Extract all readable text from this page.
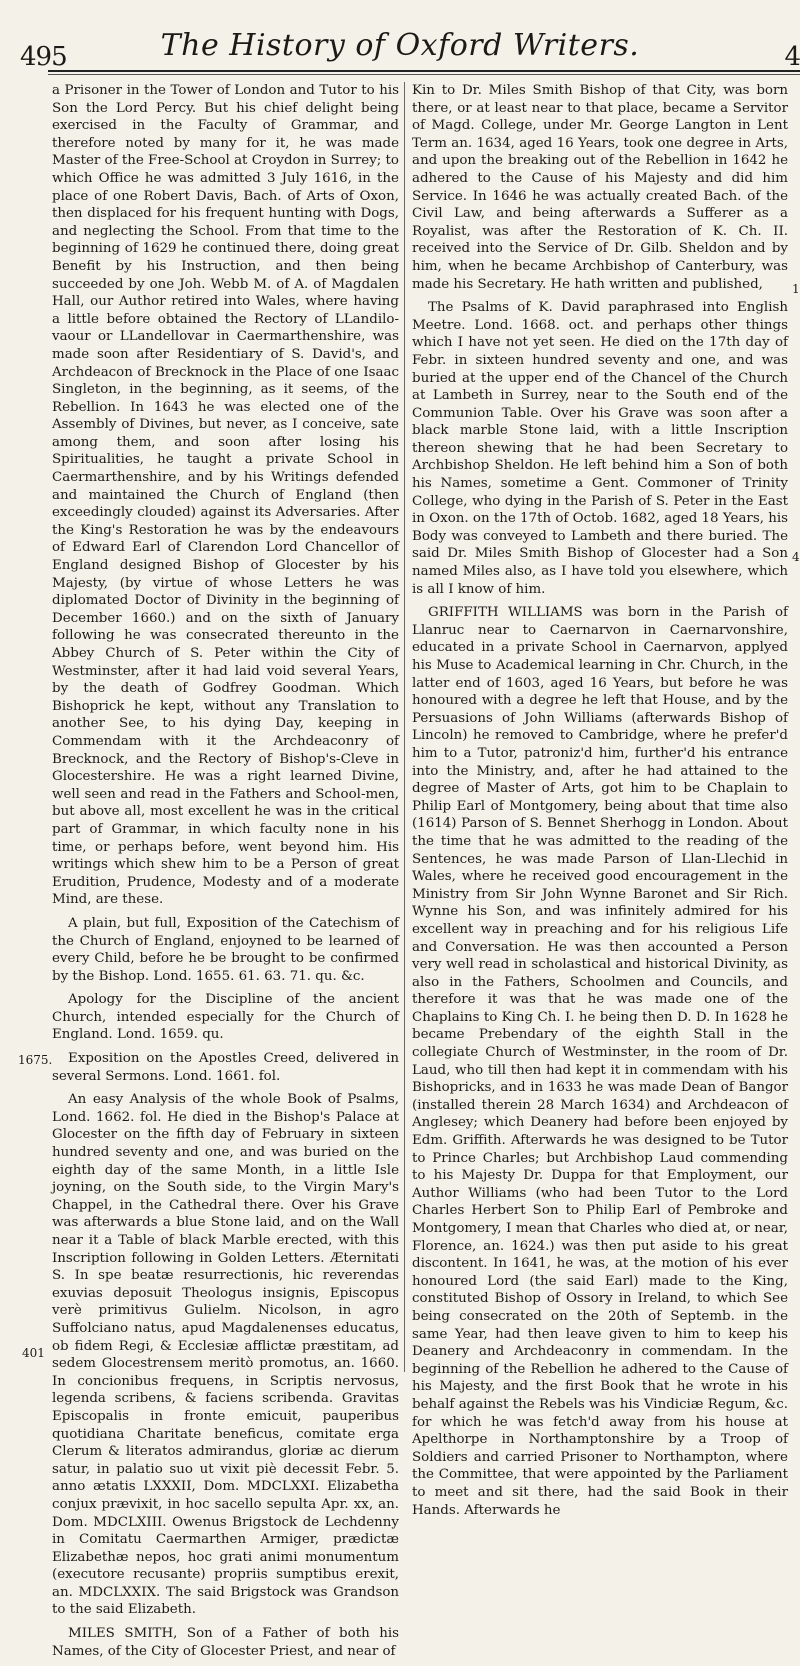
495	The History of Oxford Writers.	4

a Prisoner in the Tower of London and Tutor to his Son the Lord Percy. But his chief delight being exercised in the Faculty of Grammar, and therefore noted by many for it, he was made Master of the Free-School at Croydon in Surrey; to which Office he was admitted 3 July 1616, in the place of one Robert Davis, Bach. of Arts of Oxon, then displaced for his frequent hunting with Dogs, and neglecting the School. From that time to the beginning of 1629 he continued there, doing great Benefit by his Instruction, and then being succeeded by one Joh. Webb M. of A. of Magdalen Hall, our Author retired into Wales, where having a little before obtained the Rectory of LLandilo-vaour or LLandellovar in Caermarthenshire, was made soon after Residentiary of S. David's, and Archdeacon of Brecknock in the Place of one Isaac Singleton, in the beginning, as it seems, of the Rebellion. In 1643 he was elected one of the Assembly of Divines, but never, as I conceive, sate among them, and soon after losing his Spiritualities, he taught a private School in Caermarthenshire, and by his Writings defended and maintained the Church of England (then exceedingly clouded) against its Adversaries. After the King's Restoration he was by the endeavours of Edward Earl of Clarendon Lord Chancellor of England designed Bishop of Glocester by his Majesty, (by virtue of whose Letters he was diplomated Doctor of Divinity in the beginning of December 1660.) and on the sixth of January following he was consecrated thereunto in the Abbey Church of S. Peter within the City of Westminster, after it had laid void several Years, by the death of Godfrey Goodman. Which Bishoprick he kept, without any Translation to another See, to his dying Day, keeping in Commendam with it the Archdeaconry of Brecknock, and the Rectory of Bishop's-Cleve in Glocestershire. He was a right learned Divine, well seen and read in the Fathers and School-men, but above all, most excellent he was in the critical part of Grammar, in which faculty none in his time, or perhaps before, went beyond him. His writings which shew him to be a Person of great Erudition, Prudence, Modesty and of a moderate Mind, are these.

A plain, but full, Exposition of the Catechism of the Church of England, enjoyned to be learned of every Child, before he be brought to be confirmed by the Bishop. Lond. 1655. 61. 63. 71. qu. &c.

Apology for the Discipline of the ancient Church, intended especially for the Church of England. Lond. 1659. qu.

Exposition on the Apostles Creed, delivered in several Sermons. Lond. 1661. fol.

An easy Analysis of the whole Book of Psalms, Lond. 1662. fol. He died in the Bishop's Palace at Glocester on the fifth day of February in sixteen hundred seventy and one, and was buried on the eighth day of the same Month, in a little Isle joyning, on the South side, to the Virgin Mary's Chappel, in the Cathedral there. Over his Grave was afterwards a blue Stone laid, and on the Wall near it a Table of black Marble erected, with this Inscription following in Golden Letters. Æternitati S. In spe beatæ resurrectionis, hic reverendas exuvias deposuit Theologus insignis, Episcopus verè primitivus Gulielm. Nicolson, in agro Suffolciano natus, apud Magdalenenses educatus, ob fidem Regi, & Ecclesiæ afflictæ præstitam, ad sedem Glocestrensem meritò promotus, an. 1660. In concionibus frequens, in Scriptis nervosus, legenda scribens, & faciens scribenda. Gravitas Episcopalis in fronte emicuit, pauperibus quotidiana Charitate beneficus, comitate erga Clerum & literatos admirandus, gloriæ ac dierum satur, in palatio suo ut vixit piè decessit Febr. 5. anno ætatis LXXXII, Dom. MDCLXXI. Elizabetha conjux prævixit, in hoc sacello sepulta Apr. xx, an. Dom. MDCLXIII. Owenus Brigstock de Lechdenny in Comitatu Caermarthen Armiger, prædictæ Elizabethæ nepos, hoc grati animi monumentum (executore recusante) propriis sumptibus erexit, an. MDCLXXIX. The said Brigstock was Grandson to the said Elizabeth.

MILES SMITH, Son of a Father of both his Names, of the City of Glocester Priest, and near of

Kin to Dr. Miles Smith Bishop of that City, was born there, or at least near to that place, became a Servitor of Magd. College, under Mr. George Langton in Lent Term an. 1634, aged 16 Years, took one degree in Arts, and upon the breaking out of the Rebellion in 1642 he adhered to the Cause of his Majesty and did him Service. In 1646 he was actually created Bach. of the Civil Law, and being afterwards a Sufferer as a Royalist, was after the Restoration of K. Ch. II. received into the Service of Dr. Gilb. Sheldon and by him, when he became Archbishop of Canterbury, was made his Secretary. He hath written and published,

The Psalms of K. David paraphrased into English Meetre. Lond. 1668. oct. and perhaps other things which I have not yet seen. He died on the 17th day of Febr. in sixteen hundred seventy and one, and was buried at the upper end of the Chancel of the Church at Lambeth in Surrey, near to the South end of the Communion Table. Over his Grave was soon after a black marble Stone laid, with a little Inscription thereon shewing that he had been Secretary to Archbishop Sheldon. He left behind him a Son of both his Names, sometime a Gent. Commoner of Trinity College, who dying in the Parish of S. Peter in the East in Oxon. on the 17th of Octob. 1682, aged 18 Years, his Body was conveyed to Lambeth and there buried. The said Dr. Miles Smith Bishop of Glocester had a Son named Miles also, as I have told you elsewhere, which is all I know of him.

GRIFFITH WILLIAMS was born in the Parish of Llanruc near to Caernarvon in Caernarvonshire, educated in a private School in Caernarvon, applyed his Muse to Academical learning in Chr. Church, in the latter end of 1603, aged 16 Years, but before he was honoured with a degree he left that House, and by the Persuasions of John Williams (afterwards Bishop of Lincoln) he removed to Cambridge, where he prefer'd him to a Tutor, patroniz'd him, further'd his entrance into the Ministry, and, after he had attained to the degree of Master of Arts, got him to be Chaplain to Philip Earl of Montgomery, being about that time also (1614) Parson of S. Bennet Sherhogg in London. About the time that he was admitted to the reading of the Sentences, he was made Parson of Llan-Llechid in Wales, where he received good encouragement in the Ministry from Sir John Wynne Baronet and Sir Rich. Wynne his Son, and was infinitely admired for his excellent way in preaching and for his religious Life and Conversation. He was then accounted a Person very well read in scholastical and historical Divinity, as also in the Fathers, Schoolmen and Councils, and therefore it was that he was made one of the Chaplains to King Ch. I. he being then D. D. In 1628 he became Prebendary of the eighth Stall in the collegiate Church of Westminster, in the room of Dr. Laud, who till then had kept it in commendam with his Bishopricks, and in 1633 he was made Dean of Bangor (installed therein 28 March 1634) and Archdeacon of Anglesey; which Deanery had before been enjoyed by Edm. Griffith. Afterwards he was designed to be Tutor to Prince Charles; but Archbishop Laud commending to his Majesty Dr. Duppa for that Employment, our Author Williams (who had been Tutor to the Lord Charles Herbert Son to Philip Earl of Pembroke and Montgomery, I mean that Charles who died at, or near, Florence, an. 1624.) was then put aside to his great discontent. In 1641, he was, at the motion of his ever honoured Lord (the said Earl) made to the King, constituted Bishop of Ossory in Ireland, to which See being consecrated on the 20th of Septemb. in the same Year, had then leave given to him to keep his Deanery and Archdeaconry in commendam. In the beginning of the Rebellion he adhered to the Cause of his Majesty, and the first Book that he wrote in his behalf against the Rebels was his Vindiciæ Regum, &c. for which he was fetch'd away from his house at Apelthorpe in Northamptonshire by a Troop of Soldiers and carried Prisoner to Northampton, where the Committee, that were appointed by the Parliament to meet and sit there, had the said Book in their Hands. Afterwards he

1675.
401
1
4
